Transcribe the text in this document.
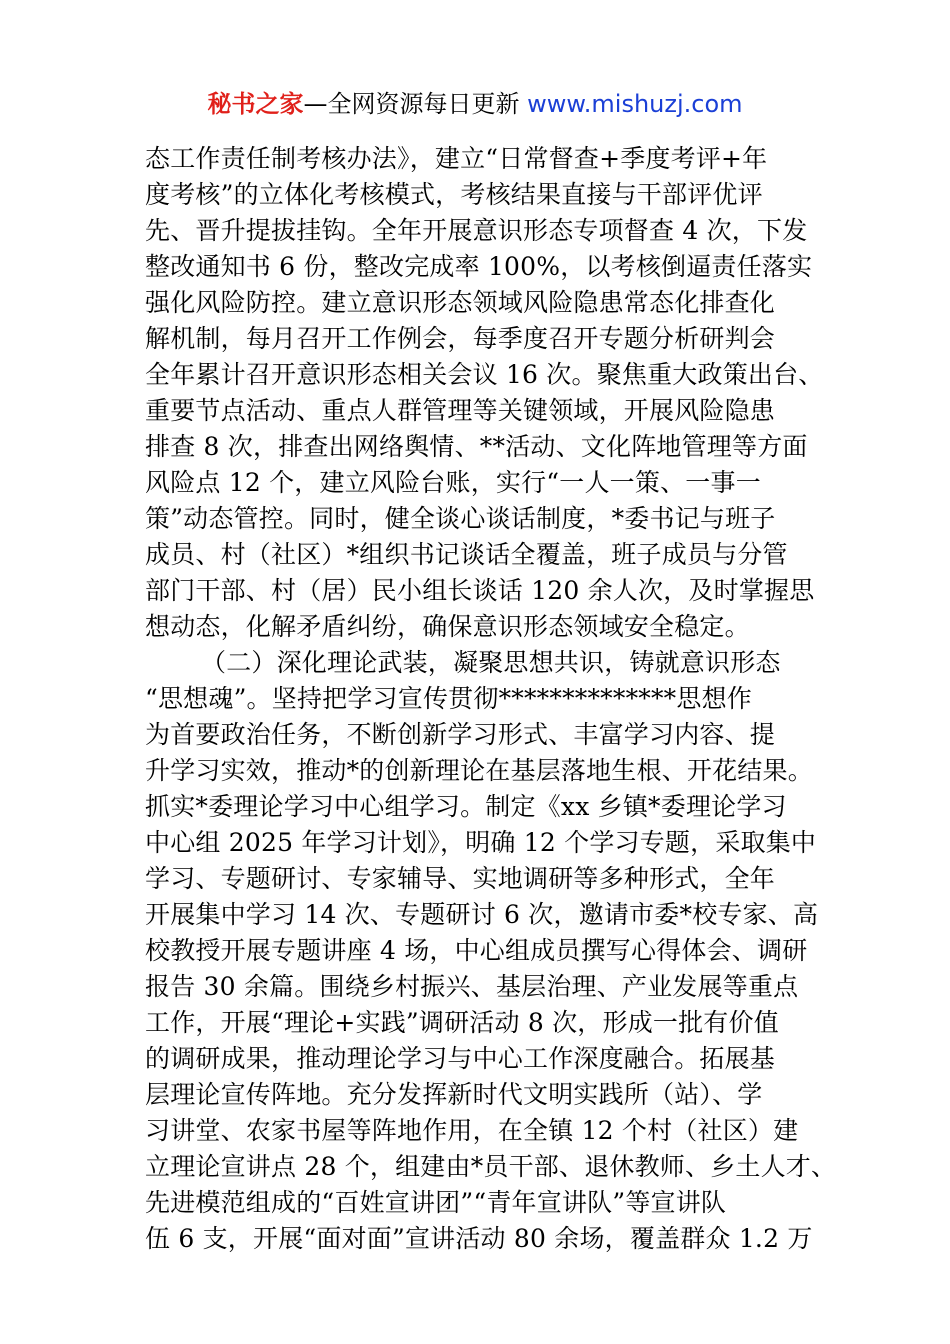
秘书之家—全网资源每日更新 www.mishuzj.com
态工作责任制考核办法》，建立“日常督查+季度考评+年
度考核”的立体化考核模式，考核结果直接与干部评优评
先、晋升提拔挂钩。全年开展意识形态专项督查 4 次，下发
整改通知书 6 份，整改完成率 100%，以考核倒逼责任落实
强化风险防控。建立意识形态领域风险隐患常态化排查化
解机制，每月召开工作例会，每季度召开专题分析研判会
全年累计召开意识形态相关会议 16 次。聚焦重大政策出台、
重要节点活动、重点人群管理等关键领域，开展风险隐患
排查 8 次，排查出网络舆情、**活动、文化阵地管理等方面
风险点 12 个，建立风险台账，实行“一人一策、一事一
策”动态管控。同时，健全谈心谈话制度，*委书记与班子
成员、村（社区）*组织书记谈话全覆盖，班子成员与分管
部门干部、村（居）民小组长谈话 120 余人次，及时掌握思
想动态，化解矛盾纠纷，确保意识形态领域安全稳定。
（二）深化理论武装，凝聚思想共识，铸就意识形态
“思想魂”。坚持把学习宣传贯彻**************思想作
为首要政治任务，不断创新学习形式、丰富学习内容、提
升学习实效，推动*的创新理论在基层落地生根、开花结果。
抓实*委理论学习中心组学习。制定《xx 乡镇*委理论学习
中心组 2025 年学习计划》，明确 12 个学习专题，采取集中
学习、专题研讨、专家辅导、实地调研等多种形式，全年
开展集中学习 14 次、专题研讨 6 次，邀请市委*校专家、高
校教授开展专题讲座 4 场，中心组成员撰写心得体会、调研
报告 30 余篇。围绕乡村振兴、基层治理、产业发展等重点
工作，开展“理论+实践”调研活动 8 次，形成一批有价值
的调研成果，推动理论学习与中心工作深度融合。拓展基
层理论宣传阵地。充分发挥新时代文明实践所（站）、学
习讲堂、农家书屋等阵地作用，在全镇 12 个村（社区）建
立理论宣讲点 28 个，组建由*员干部、退休教师、乡土人才、
先进模范组成的“百姓宣讲团”“青年宣讲队”等宣讲队
伍 6 支，开展“面对面”宣讲活动 80 余场，覆盖群众 1.2 万
